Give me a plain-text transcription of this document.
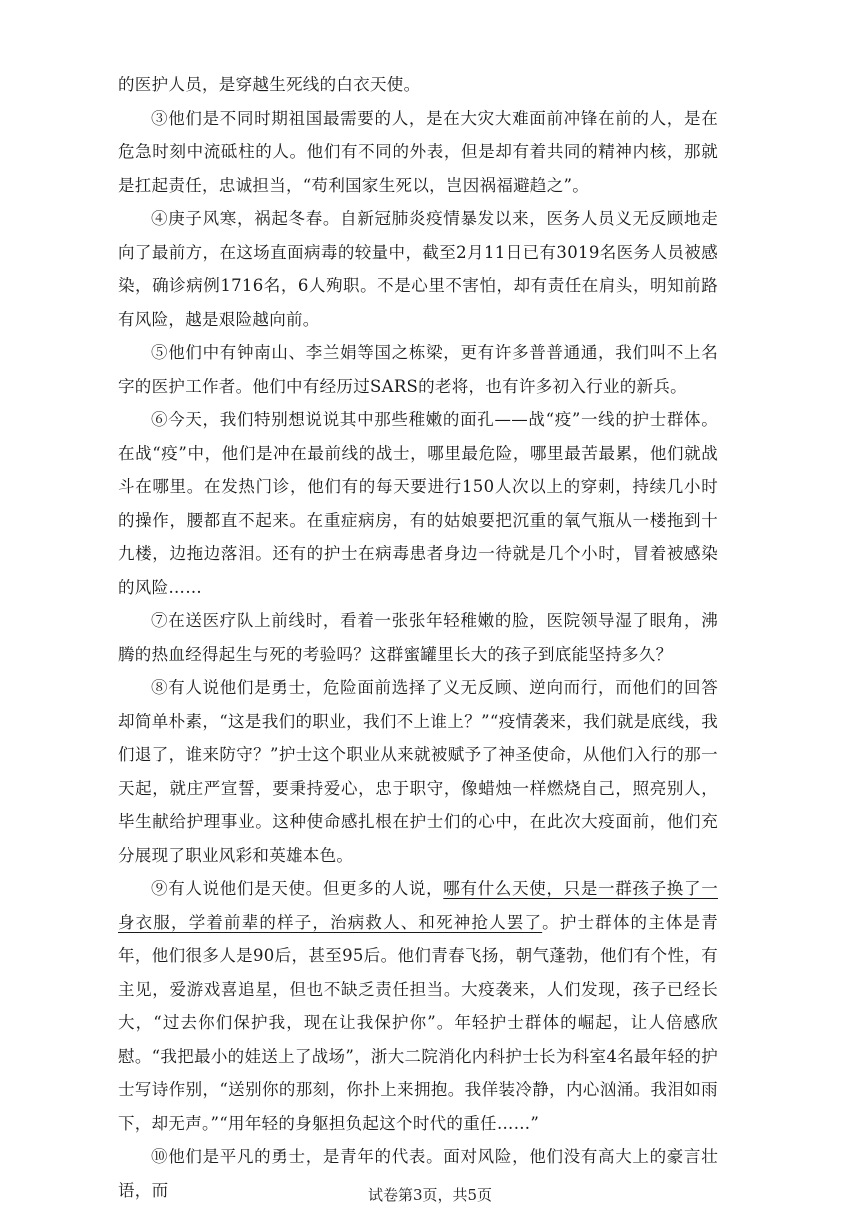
的医护人员，是穿越生死线的白衣天使。

③他们是不同时期祖国最需要的人，是在大灾大难面前冲锋在前的人，是在危急时刻中流砥柱的人。他们有不同的外表，但是却有着共同的精神内核，那就是扛起责任，忠诚担当，“苟利国家生死以，岂因祸福避趋之”。

④庚子风寒，祸起冬春。自新冠肺炎疫情暴发以来，医务人员义无反顾地走向了最前方，在这场直面病毒的较量中，截至2月11日已有3019名医务人员被感染，确诊病例1716名，6人殉职。不是心里不害怕，却有责任在肩头，明知前路有风险，越是艰险越向前。

⑤他们中有钟南山、李兰娟等国之栋梁，更有许多普普通通，我们叫不上名字的医护工作者。他们中有经历过SARS的老将，也有许多初入行业的新兵。

⑥今天，我们特别想说说其中那些稚嫩的面孔——战“疫”一线的护士群体。在战“疫”中，他们是冲在最前线的战士，哪里最危险，哪里最苦最累，他们就战斗在哪里。在发热门诊，他们有的每天要进行150人次以上的穿刺，持续几小时的操作，腰都直不起来。在重症病房，有的姑娘要把沉重的氧气瓶从一楼拖到十九楼，边拖边落泪。还有的护士在病毒患者身边一待就是几个小时，冒着被感染的风险……

⑦在送医疗队上前线时，看着一张张年轻稚嫩的脸，医院领导湿了眼角，沸腾的热血经得起生与死的考验吗？这群蜜罐里长大的孩子到底能坚持多久？

⑧有人说他们是勇士，危险面前选择了义无反顾、逆向而行，而他们的回答却简单朴素，“这是我们的职业，我们不上谁上？”“疫情袭来，我们就是底线，我们退了，谁来防守？”护士这个职业从来就被赋予了神圣使命，从他们入行的那一天起，就庄严宣誓，要秉持爱心，忠于职守，像蜡烛一样燃烧自己，照亮别人，毕生献给护理事业。这种使命感扎根在护士们的心中，在此次大疫面前，他们充分展现了职业风彩和英雄本色。

⑨有人说他们是天使。但更多的人说，哪有什么天使，只是一群孩子换了一身衣服，学着前辈的样子，治病救人、和死神抢人罢了。护士群体的主体是青年，他们很多人是90后，甚至95后。他们青春飞扬，朝气蓬勃，他们有个性，有主见，爱游戏喜追星，但也不缺乏责任担当。大疫袭来，人们发现，孩子已经长大，“过去你们保护我，现在让我保护你”。年轻护士群体的崛起，让人倍感欣慰。“我把最小的娃送上了战场”，浙大二院消化内科护士长为科室4名最年轻的护士写诗作别，“送别你的那刻，你扑上来拥抱。我佯装冷静，内心汹涌。我泪如雨下，却无声。”“用年轻的身躯担负起这个时代的重任……”

⑩他们是平凡的勇士，是青年的代表。面对风险，他们没有高大上的豪言壮语，而	试卷第3页，共5页
